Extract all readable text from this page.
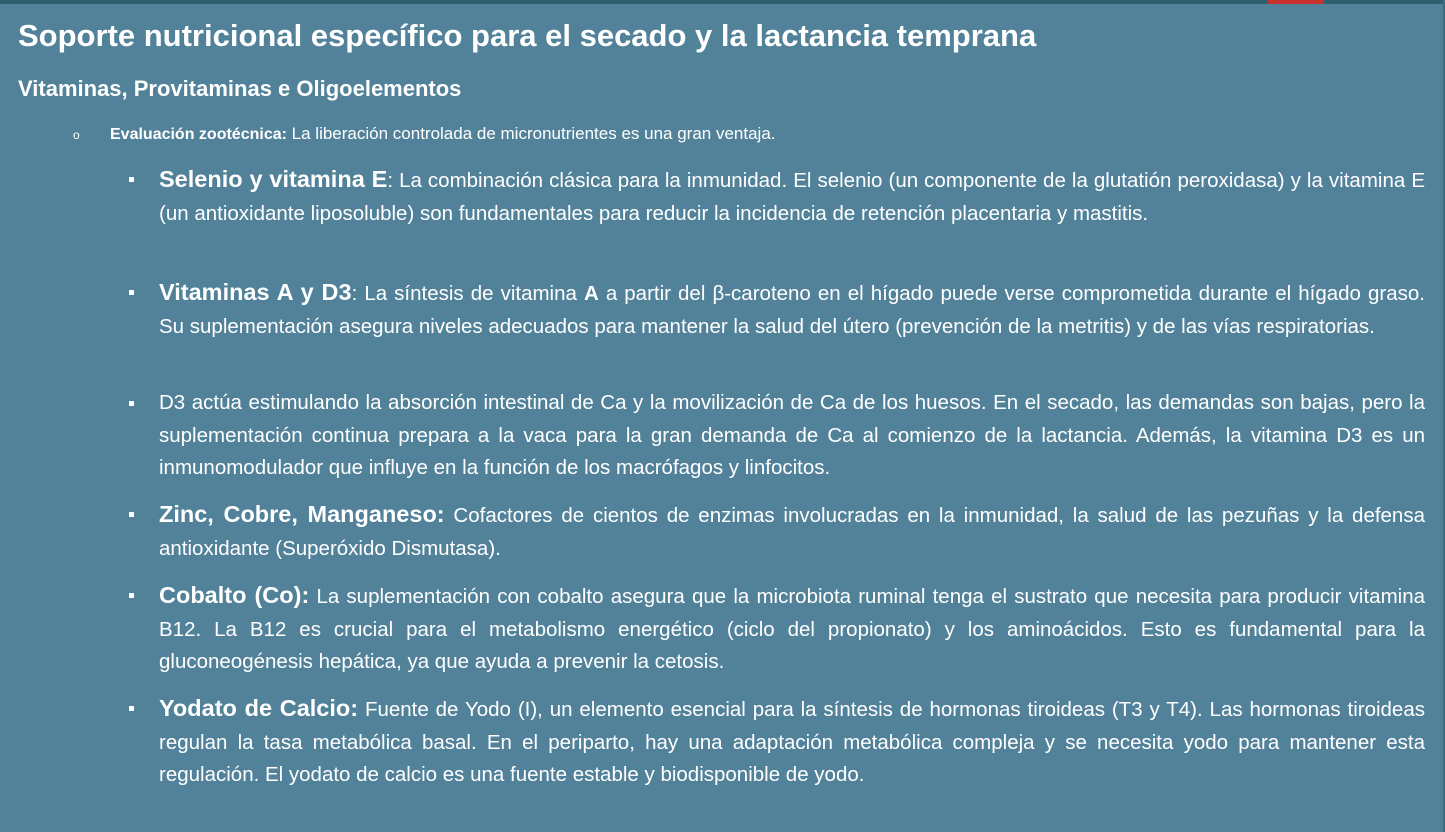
Soporte nutricional específico para el secado y la lactancia temprana
Vitaminas, Provitaminas e Oligoelementos
o Evaluación zootécnica: La liberación controlada de micronutrientes es una gran ventaja.
Selenio y vitamina E: La combinación clásica para la inmunidad. El selenio (un componente de la glutatión peroxidasa) y la vitamina E (un antioxidante liposoluble) son fundamentales para reducir la incidencia de retención placentaria y mastitis.
Vitaminas A y D3: La síntesis de vitamina A a partir del β-caroteno en el hígado puede verse comprometida durante el hígado graso. Su suplementación asegura niveles adecuados para mantener la salud del útero (prevención de la metritis) y de las vías respiratorias.
D3 actúa estimulando la absorción intestinal de Ca y la movilización de Ca de los huesos. En el secado, las demandas son bajas, pero la suplementación continua prepara a la vaca para la gran demanda de Ca al comienzo de la lactancia. Además, la vitamina D3 es un inmunomodulador que influye en la función de los macrófagos y linfocitos.
Zinc, Cobre, Manganeso: Cofactores de cientos de enzimas involucradas en la inmunidad, la salud de las pezuñas y la defensa antioxidante (Superóxido Dismutasa).
Cobalto (Co): La suplementación con cobalto asegura que la microbiota ruminal tenga el sustrato que necesita para producir vitamina B12. La B12 es crucial para el metabolismo energético (ciclo del propionato) y los aminoácidos. Esto es fundamental para la gluconeogénesis hepática, ya que ayuda a prevenir la cetosis.
Yodato de Calcio: Fuente de Yodo (I), un elemento esencial para la síntesis de hormonas tiroideas (T3 y T4). Las hormonas tiroideas regulan la tasa metabólica basal. En el periparto, hay una adaptación metabólica compleja y se necesita yodo para mantener esta regulación. El yodato de calcio es una fuente estable y biodisponible de yodo.
